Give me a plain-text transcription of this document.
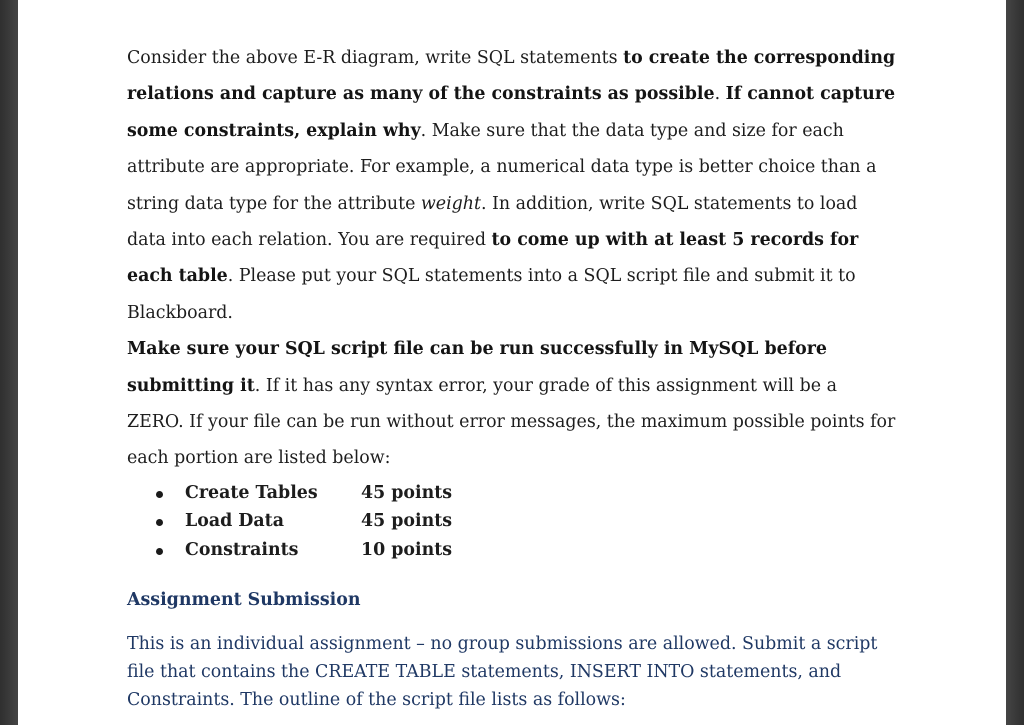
Consider the above E-R diagram, write SQL statements to create the corresponding relations and capture as many of the constraints as possible. If cannot capture some constraints, explain why. Make sure that the data type and size for each attribute are appropriate. For example, a numerical data type is better choice than a string data type for the attribute weight. In addition, write SQL statements to load data into each relation. You are required to come up with at least 5 records for each table. Please put your SQL statements into a SQL script file and submit it to Blackboard.

Make sure your SQL script file can be run successfully in MySQL before submitting it. If it has any syntax error, your grade of this assignment will be a ZERO. If your file can be run without error messages, the maximum possible points for each portion are listed below:

Create Tables 45 points
Load Data	45 points
Constraints	10 points
Assignment Submission

This is an individual assignment – no group submissions are allowed. Submit a script file that contains the CREATE TABLE statements, INSERT INTO statements, and Constraints. The outline of the script file lists as follows:
